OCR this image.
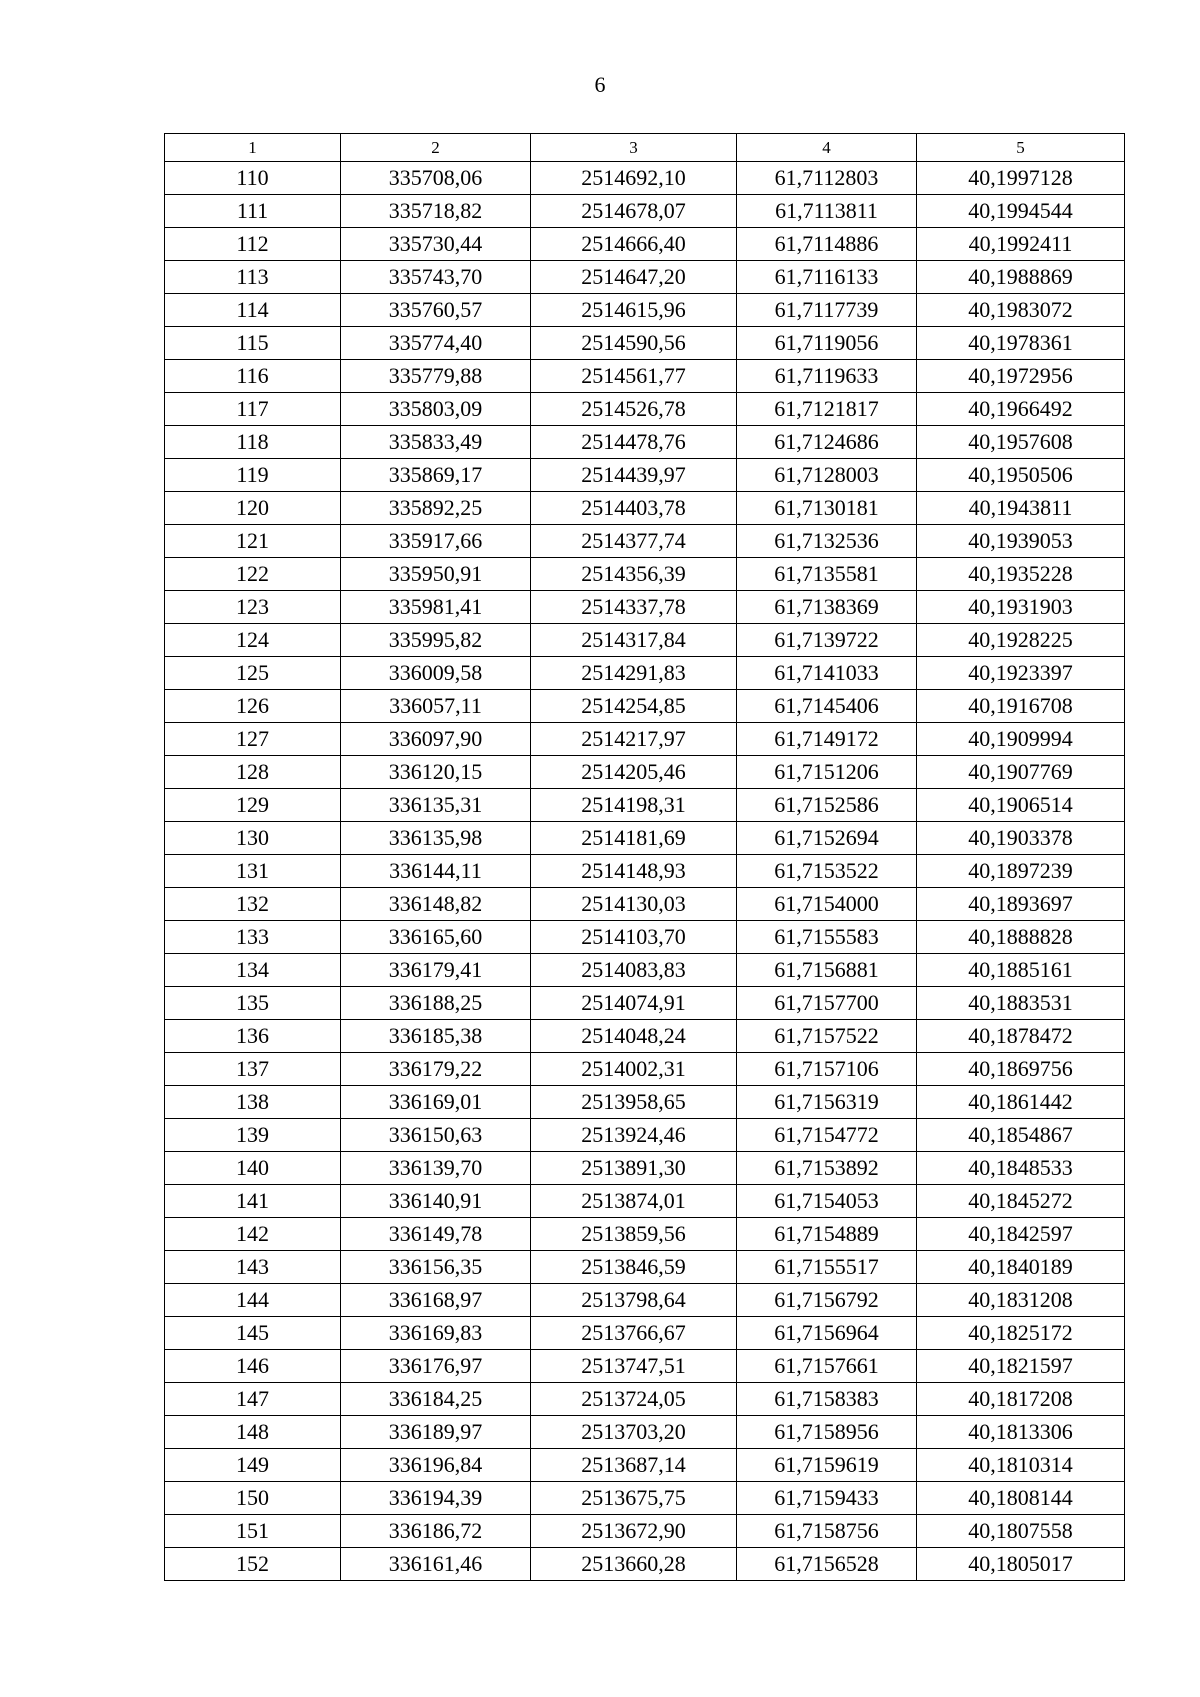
6
1	2	3	4	5
110	335708,06	2514692,10	61,7112803	40,1997128
111	335718,82	2514678,07	61,7113811	40,1994544
112	335730,44	2514666,40	61,7114886	40,1992411
113	335743,70	2514647,20	61,7116133	40,1988869
114	335760,57	2514615,96	61,7117739	40,1983072
115	335774,40	2514590,56	61,7119056	40,1978361
116	335779,88	2514561,77	61,7119633	40,1972956
117	335803,09	2514526,78	61,7121817	40,1966492
118	335833,49	2514478,76	61,7124686	40,1957608
119	335869,17	2514439,97	61,7128003	40,1950506
120	335892,25	2514403,78	61,7130181	40,1943811
121	335917,66	2514377,74	61,7132536	40,1939053
122	335950,91	2514356,39	61,7135581	40,1935228
123	335981,41	2514337,78	61,7138369	40,1931903
124	335995,82	2514317,84	61,7139722	40,1928225
125	336009,58	2514291,83	61,7141033	40,1923397
126	336057,11	2514254,85	61,7145406	40,1916708
127	336097,90	2514217,97	61,7149172	40,1909994
128	336120,15	2514205,46	61,7151206	40,1907769
129	336135,31	2514198,31	61,7152586	40,1906514
130	336135,98	2514181,69	61,7152694	40,1903378
131	336144,11	2514148,93	61,7153522	40,1897239
132	336148,82	2514130,03	61,7154000	40,1893697
133	336165,60	2514103,70	61,7155583	40,1888828
134	336179,41	2514083,83	61,7156881	40,1885161
135	336188,25	2514074,91	61,7157700	40,1883531
136	336185,38	2514048,24	61,7157522	40,1878472
137	336179,22	2514002,31	61,7157106	40,1869756
138	336169,01	2513958,65	61,7156319	40,1861442
139	336150,63	2513924,46	61,7154772	40,1854867
140	336139,70	2513891,30	61,7153892	40,1848533
141	336140,91	2513874,01	61,7154053	40,1845272
142	336149,78	2513859,56	61,7154889	40,1842597
143	336156,35	2513846,59	61,7155517	40,1840189
144	336168,97	2513798,64	61,7156792	40,1831208
145	336169,83	2513766,67	61,7156964	40,1825172
146	336176,97	2513747,51	61,7157661	40,1821597
147	336184,25	2513724,05	61,7158383	40,1817208
148	336189,97	2513703,20	61,7158956	40,1813306
149	336196,84	2513687,14	61,7159619	40,1810314
150	336194,39	2513675,75	61,7159433	40,1808144
151	336186,72	2513672,90	61,7158756	40,1807558
152	336161,46	2513660,28	61,7156528	40,1805017
